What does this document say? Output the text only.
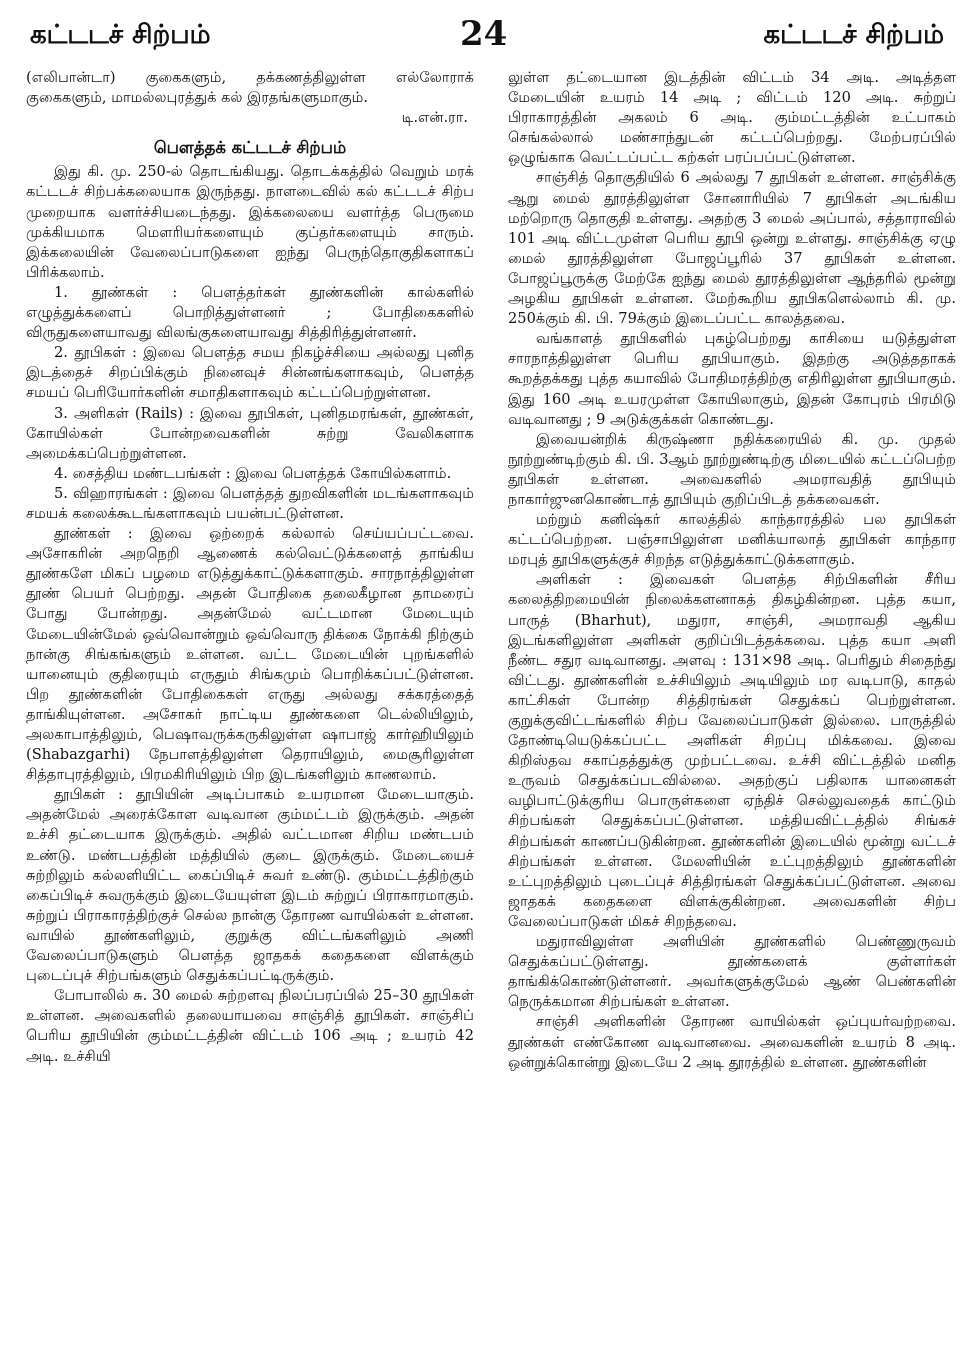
கட்டடச் சிற்பம்	24	கட்டடச் சிற்பம்

(எலிபான்டா) குகைகளும், தக்கணத்திலுள்ள எல்லோராக் குகைகளும், மாமல்லபுரத்துக் கல் இரதங்களுமாகும்.

டி.என்.ரா.

பௌத்தக் கட்டடச் சிற்பம்

இது கி. மு. 250-ல் தொடங்கியது. தொடக்கத்தில் வெறும் மரக் கட்டடச் சிற்பக்கலையாக இருந்தது. நாளடைவில் கல் கட்டடச் சிற்ப முறையாக வளர்ச்சியடைந்தது. இக்கலையை வளர்த்த பெருமை முக்கியமாக மௌரியர்களையும் குப்தர்களையும் சாரும். இக்கலையின் வேலைப்பாடுகளை ஐந்து பெருந்தொகுதிகளாகப் பிரிக்கலாம்.

1. தூண்கள் : பௌத்தர்கள் தூண்களின் கால்களில் எழுத்துக்களைப் பொறித்துள்ளனர் ; போதிகைகளில் விருதுகளையாவது விலங்குகளையாவது சித்திரித்துள்ளனர்.

2. தூபிகள் : இவை பௌத்த சமய நிகழ்ச்சியை அல்லது புனித இடத்தைச் சிறப்பிக்கும் நினைவுச் சின்னங்களாகவும், பௌத்த சமயப் பெரியோர்களின் சமாதிகளாகவும் கட்டப்பெற்றுள்ளன.

3. அளிகள் (Rails) : இவை தூபிகள், புனிதமரங்கள், தூண்கள், கோயில்கள் போன்றவைகளின் சுற்று வேலிகளாக அமைக்கப்பெற்றுள்ளன.

4. சைத்திய மண்டபங்கள் : இவை பௌத்தக் கோயில்களாம்.

5. விஹாரங்கள் : இவை பௌத்தத் துறவிகளின் மடங்களாகவும் சமயக் கலைக்கூடங்களாகவும் பயன்பட்டுள்ளன.

தூண்கள் : இவை ஒற்றைக் கல்லால் செய்யப்பட்டவை. அசோகரின் அறநெறி ஆணைக் கல்வெட்டுக்களைத் தாங்கிய தூண்களே மிகப் பழமை எடுத்துக்காட்டுக்களாகும். சாரநாத்திலுள்ள தூண் பெயர் பெற்றது. அதன் போதிகை தலைகீழான தாமரைப் போது போன்றது. அதன்மேல் வட்டமான மேடையும் மேடையின்மேல் ஒவ்வொன்றும் ஒவ்வொரு திக்கை நோக்கி நிற்கும் நான்கு சிங்கங்களும் உள்ளன. வட்ட மேடையின் புறங்களில் யானையும் குதிரையும் எருதும் சிங்கமும் பொறிக்கப்பட்டுள்ளன. பிற தூண்களின் போதிகைகள் எருது அல்லது சக்கரத்தைத் தாங்கியுள்ளன. அசோகர் நாட்டிய தூண்களை டெல்லியிலும், அலகாபாத்திலும், பெஷாவருக்கருகிலுள்ள ஷாபாஜ் கார்ஹியிலும் (Shabazgarhi) நேபாளத்திலுள்ள தெராயிலும், மைசூரிலுள்ள சித்தாபுரத்திலும், பிரமகிரியிலும் பிற இடங்களிலும் காணலாம்.

தூபிகள் : தூபியின் அடிப்பாகம் உயரமான மேடையாகும். அதன்மேல் அரைக்கோள வடிவான கும்மட்டம் இருக்கும். அதன் உச்சி தட்டையாக இருக்கும். அதில் வட்டமான சிறிய மண்டபம் உண்டு. மண்டபத்தின் மத்தியில் குடை இருக்கும். மேடையைச் சுற்றிலும் கல்லளியிட்ட கைப்பிடிச் சுவர் உண்டு. கும்மட்டத்திற்கும் கைப்பிடிச் சுவருக்கும் இடையேயுள்ள இடம் சுற்றுப் பிராகாரமாகும். சுற்றுப் பிராகாரத்திற்குச் செல்ல நான்கு தோரண வாயில்கள் உள்ளன. வாயில் தூண்களிலும், குறுக்கு விட்டங்களிலும் அணி வேலைப்பாடுகளும் பௌத்த ஜாதகக் கதைகளை விளக்கும் புடைப்புச் சிற்பங்களும் செதுக்கப்பட்டிருக்கும்.

போபாலில் சு. 30 மைல் சுற்றளவு நிலப்பரப்பில் 25–30 தூபிகள் உள்ளன. அவைகளில் தலையாயவை சாஞ்சித் தூபிகள். சாஞ்சிப் பெரிய தூபியின் கும்மட்டத்தின் விட்டம் 106 அடி ; உயரம் 42 அடி. உச்சியி

லுள்ள தட்டையான இடத்தின் விட்டம் 34 அடி. அடித்தள மேடையின் உயரம் 14 அடி ; விட்டம் 120 அடி. சுற்றுப் பிராகாரத்தின் அகலம் 6 அடி. கும்மட்டத்தின் உட்பாகம் செங்கல்லால் மண்சாந்துடன் கட்டப்பெற்றது. மேற்பரப்பில் ஒழுங்காக வெட்டப்பட்ட கற்கள் பரப்பப்பட்டுள்ளன.

சாஞ்சித் தொகுதியில் 6 அல்லது 7 தூபிகள் உள்ளன. சாஞ்சிக்கு ஆறு மைல் தூரத்திலுள்ள சோனாரியில் 7 தூபிகள் அடங்கிய மற்றொரு தொகுதி உள்ளது. அதற்கு 3 மைல் அப்பால், சத்தாராவில் 101 அடி விட்டமுள்ள பெரிய தூபி ஒன்று உள்ளது. சாஞ்சிக்கு ஏழு மைல் தூரத்திலுள்ள போஜப்பூரில் 37 தூபிகள் உள்ளன. போஜப்பூருக்கு மேற்கே ஐந்து மைல் தூரத்திலுள்ள ஆந்தரில் மூன்று அழகிய தூபிகள் உள்ளன. மேற்கூறிய தூபிகளெல்லாம் கி. மு. 250க்கும் கி. பி. 79க்கும் இடைப்பட்ட காலத்தவை.

வங்காளத் தூபிகளில் புகழ்பெற்றது காசியை யடுத்துள்ள சாரநாத்திலுள்ள பெரிய தூபியாகும். இதற்கு அடுத்ததாகக் கூறத்தக்கது புத்த கயாவில் போதிமரத்திற்கு எதிரிலுள்ள தூபியாகும். இது 160 அடி உயரமுள்ள கோயிலாகும், இதன் கோபுரம் பிரமிடு வடிவானது ; 9 அடுக்குக்கள் கொண்டது.

இவையன்றிக் கிருஷ்ணா நதிக்கரையில் கி. மு. முதல் நூற்றுண்டிற்கும் கி. பி. 3ஆம் நூற்றுண்டிற்கு மிடையில் கட்டப்பெற்ற தூபிகள் உள்ளன. அவைகளில் அமராவதித் தூபியும் நாகார்ஜுனகொண்டாத் தூபியும் குறிப்பிடத் தக்கவைகள்.

மற்றும் கனிஷ்கர் காலத்தில் காந்தாரத்தில் பல தூபிகள் கட்டப்பெற்றன. பஞ்சாபிலுள்ள மனிக்யாலாத் தூபிகள் காந்தார மரபுத் தூபிகளுக்குச் சிறந்த எடுத்துக்காட்டுக்களாகும்.

அளிகள் : இவைகள் பௌத்த சிற்பிகளின் சீரிய கலைத்திறமையின் நிலைக்களனாகத் திகழ்கின்றன. புத்த கயா, பாருத் (Bharhut), மதுரா, சாஞ்சி, அமராவதி ஆகிய இடங்களிலுள்ள அளிகள் குறிப்பிடத்தக்கவை. புத்த கயா அளி நீண்ட சதுர வடிவானது. அளவு : 131×98 அடி. பெரிதும் சிதைந்து விட்டது. தூண்களின் உச்சியிலும் அடியிலும் மர வடிபாடு, காதல் காட்சிகள் போன்ற சித்திரங்கள் செதுக்கப் பெற்றுள்ளன. குறுக்குவிட்டங்களில் சிற்ப வேலைப்பாடுகள் இல்லை. பாருத்தில் தோண்டியெடுக்கப்பட்ட அளிகள் சிறப்பு மிக்கவை. இவை கிறிஸ்தவ சகாப்தத்துக்கு முற்பட்டவை. உச்சி விட்டத்தில் மனித உருவம் செதுக்கப்படவில்லை. அதற்குப் பதிலாக யானைகள் வழிபாட்டுக்குரிய பொருள்களை ஏந்திச் செல்லுவதைக் காட்டும் சிற்பங்கள் செதுக்கப்பட்டுள்ளன. மத்தியவிட்டத்தில் சிங்கச் சிற்பங்கள் காணப்படுகின்றன. தூண்களின் இடையில் மூன்று வட்டச் சிற்பங்கள் உள்ளன. மேலளியின் உட்புறத்திலும் தூண்களின் உட்புறத்திலும் புடைப்புச் சித்திரங்கள் செதுக்கப்பட்டுள்ளன. அவை ஜாதகக் கதைகளை விளக்குகின்றன. அவைகளின் சிற்ப வேலைப்பாடுகள் மிகச் சிறந்தவை.

மதுராவிலுள்ள அளியின் தூண்களில் பெண்ணுருவம் செதுக்கப்பட்டுள்ளது. தூண்களைக் குள்ளர்கள் தாங்கிக்கொண்டுள்ளனர். அவர்களுக்குமேல் ஆண் பெண்களின் நெருக்கமான சிற்பங்கள் உள்ளன.

சாஞ்சி அளிகளின் தோரண வாயில்கள் ஒப்புயர்வற்றவை. தூண்கள் எண்கோண வடிவானவை. அவைகளின் உயரம் 8 அடி. ஒன்றுக்கொன்று இடையே 2 அடி தூரத்தில் உள்ளன. தூண்களின்
